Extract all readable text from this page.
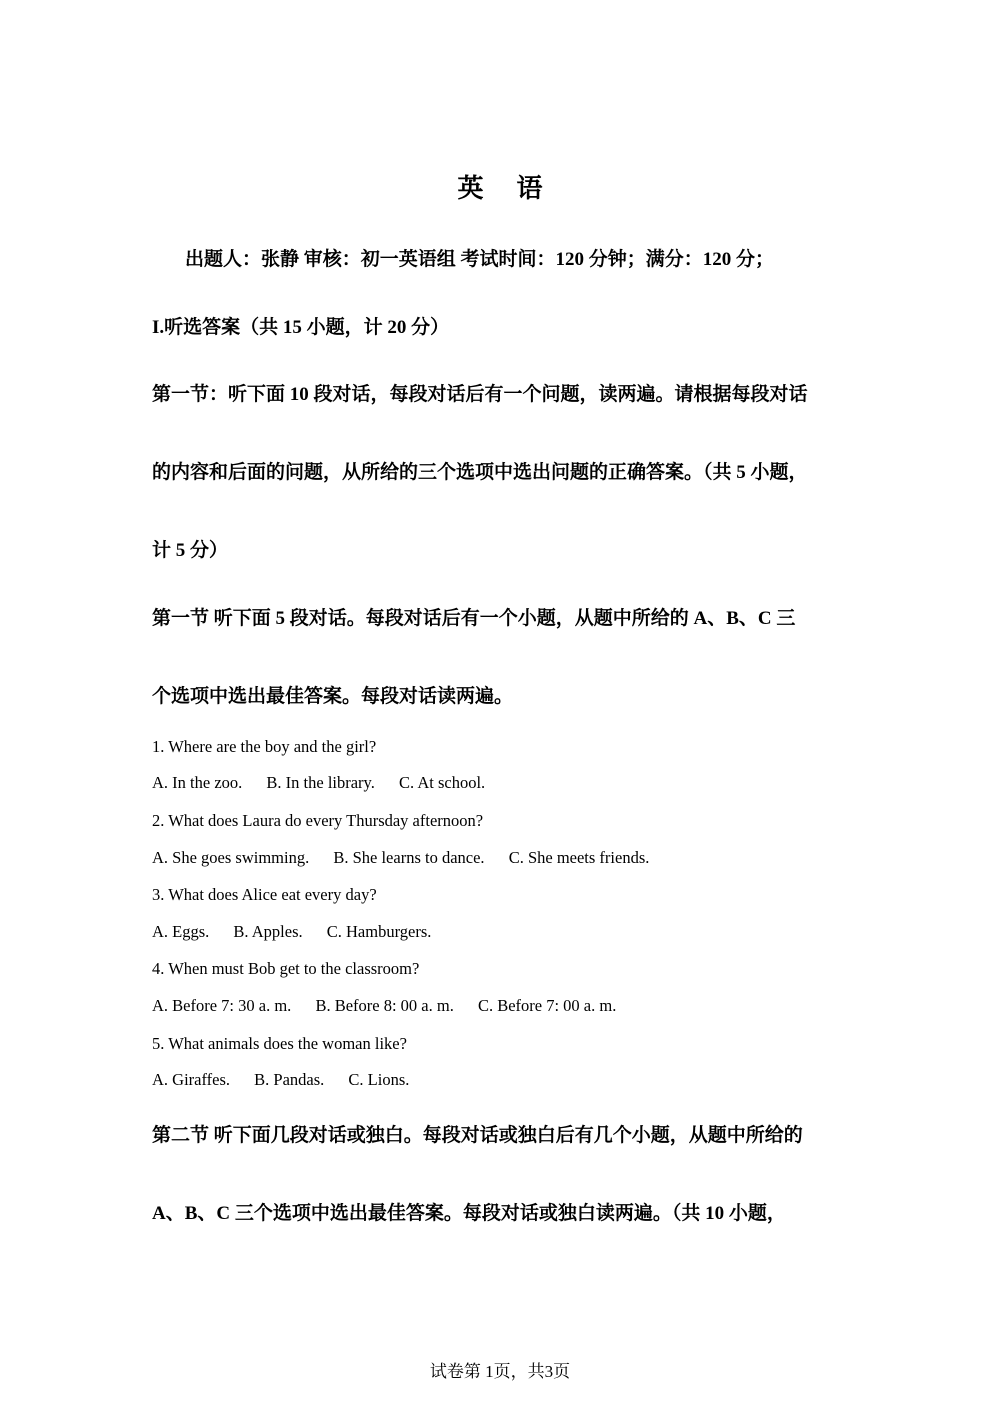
英 语
出题人：张静 审核：初一英语组 考试时间：120 分钟；满分：120 分；
I.听选答案（共 15 小题，计 20 分）
第一节：听下面 10 段对话，每段对话后有一个问题，读两遍。请根据每段对话
的内容和后面的问题，从所给的三个选项中选出问题的正确答案。（共 5 小题，
计 5 分）
第一节 听下面 5 段对话。每段对话后有一个小题，从题中所给的 A、B、C 三
个选项中选出最佳答案。每段对话读两遍。
1. Where are the boy and the girl?
A. In the zoo. B. In the library. C. At school.
2. What does Laura do every Thursday afternoon?
A. She goes swimming. B. She learns to dance. C. She meets friends.
3. What does Alice eat every day?
A. Eggs. B. Apples. C. Hamburgers.
4. When must Bob get to the classroom?
A. Before 7: 30 a. m. B. Before 8: 00 a. m. C. Before 7: 00 a. m.
5. What animals does the woman like?
A. Giraffes. B. Pandas. C. Lions.
第二节 听下面几段对话或独白。每段对话或独白后有几个小题，从题中所给的
A、B、C 三个选项中选出最佳答案。每段对话或独白读两遍。（共 10 小题，
试卷第 1页，共3页
